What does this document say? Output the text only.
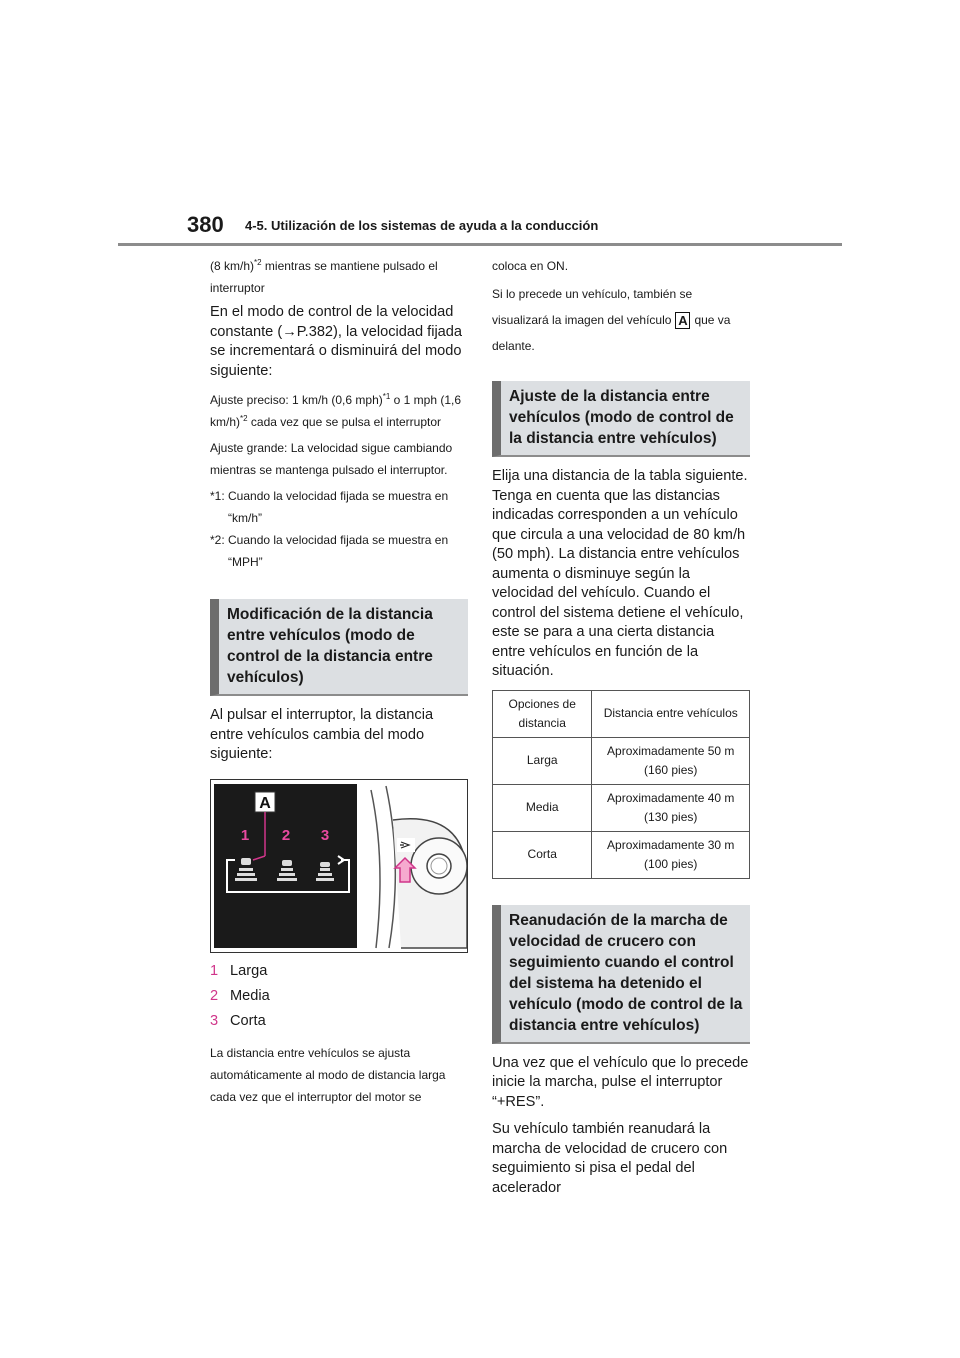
380 4-5. Utilización de los sistemas de ayuda a la conducción

(8 km/h)$^{*2}$ mientras se mantiene pulsado el interruptor

En el modo de control de la velocidad constante (→P.382), la velocidad fijada se incrementará o disminuirá del modo siguiente:

Ajuste preciso: 1 km/h (0,6 mph)$^{*1}$ o 1 mph (1,6 km/h)$^{*2}$ cada vez que se pulsa el interruptor

Ajuste grande: La velocidad sigue cambiando mientras se mantenga pulsado el interruptor.

*1: Cuando la velocidad fijada se muestra en “km/h”
*2: Cuando la velocidad fijada se muestra en “MPH”
Modificación de la distancia entre vehículos (modo de control de la distancia entre vehículos)

Al pulsar el interruptor, la distancia entre vehículos cambia del modo siguiente:

A
1 2 3
1 Larga
2 Media
3 Corta

La distancia entre vehículos se ajusta automáticamente al modo de distancia larga cada vez que el interruptor del motor se

coloca en ON.

Si lo precede un vehículo, también se visualizará la imagen del vehículo A que va delante.

Ajuste de la distancia entre vehículos (modo de control de la distancia entre vehículos)

Elija una distancia de la tabla siguiente. Tenga en cuenta que las distancias indicadas corresponden a un vehículo que circula a una velocidad de 80 km/h (50 mph). La distancia entre vehículos aumenta o disminuye según la velocidad del vehículo. Cuando el control del sistema detiene el vehículo, este se para a una cierta distancia entre vehículos en función de la situación.

Opciones de distancia	Distancia entre vehículos
Larga	Aproximadamente 50 m (160 pies)
Media	Aproximadamente 40 m (130 pies)
Corta	Aproximadamente 30 m (100 pies)
Reanudación de la marcha de velocidad de crucero con seguimiento cuando el control del sistema ha detenido el vehículo (modo de control de la distancia entre vehículos)

Una vez que el vehículo que lo precede inicie la marcha, pulse el interruptor “+RES”.

Su vehículo también reanudará la marcha de velocidad de crucero con seguimiento si pisa el pedal del acelerador
